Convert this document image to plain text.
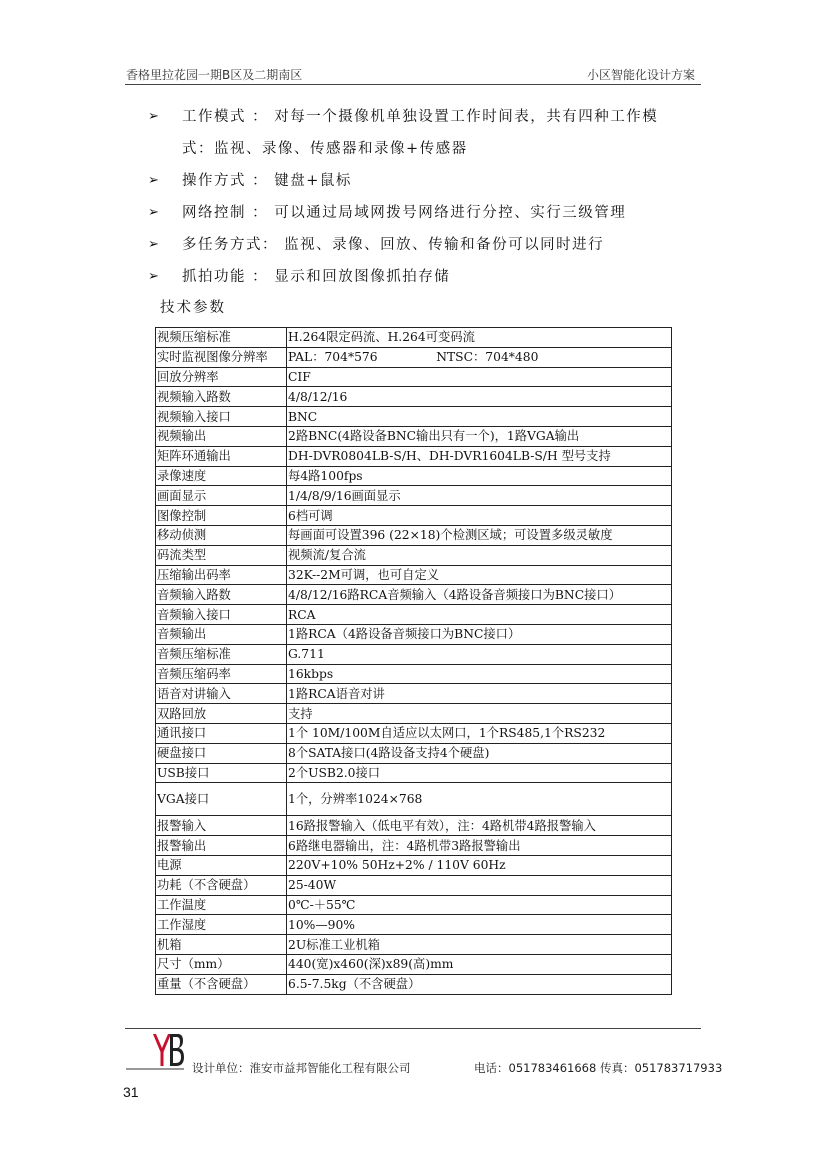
香格里拉花园一期B区及二期南区	小区智能化设计方案
➢ 工作模式 ： 对每一个摄像机单独设置工作时间表，共有四种工作模
式：监视、录像、传感器和录像+传感器
➢ 操作方式 ： 键盘+鼠标
➢ 网络控制 ： 可以通过局域网拨号网络进行分控、实行三级管理
➢ 多任务方式： 监视、录像、回放、传输和备份可以同时进行
➢ 抓拍功能 ： 显示和回放图像抓拍存储
技术参数
视频压缩标准	H.264限定码流、H.264可变码流
实时监视图像分辨率	PAL：704*576               NTSC：704*480
回放分辨率	CIF
视频输入路数	4/8/12/16
视频输入接口	BNC
视频输出	2路BNC(4路设备BNC输出只有一个)，1路VGA输出
矩阵环通输出	DH-DVR0804LB-S/H、DH-DVR1604LB-S/H 型号支持
录像速度	每4路100fps
画面显示	1/4/8/9/16画面显示
图像控制	6档可调
移动侦测	每画面可设置396 (22×18)个检测区域；可设置多级灵敏度
码流类型	视频流/复合流
压缩输出码率	32K--2M可调，也可自定义
音频输入路数	4/8/12/16路RCA音频输入（4路设备音频接口为BNC接口）
音频输入接口	RCA
音频输出	1路RCA（4路设备音频接口为BNC接口）
音频压缩标准	G.711
音频压缩码率	16kbps
语音对讲输入	1路RCA语音对讲
双路回放	支持
通讯接口	1个 10M/100M自适应以太网口，1个RS485,1个RS232
硬盘接口	8个SATA接口(4路设备支持4个硬盘)
USB接口	2个USB2.0接口
VGA接口	1个，分辨率1024×768
报警输入	16路报警输入（低电平有效），注：4路机带4路报警输入
报警输出	6路继电器输出，注：4路机带3路报警输出
电源	220V+10% 50Hz+2% / 110V 60Hz
功耗（不含硬盘）	25-40W
工作温度	0℃-＋55℃
工作湿度	10%—90%
机箱	2U标准工业机箱
尺寸（mm）	440(宽)x460(深)x89(高)mm
重量（不含硬盘）	6.5-7.5kg（不含硬盘）
设计单位：淮安市益邦智能化工程有限公司	电话：051783461668 传真：051783717933
31
